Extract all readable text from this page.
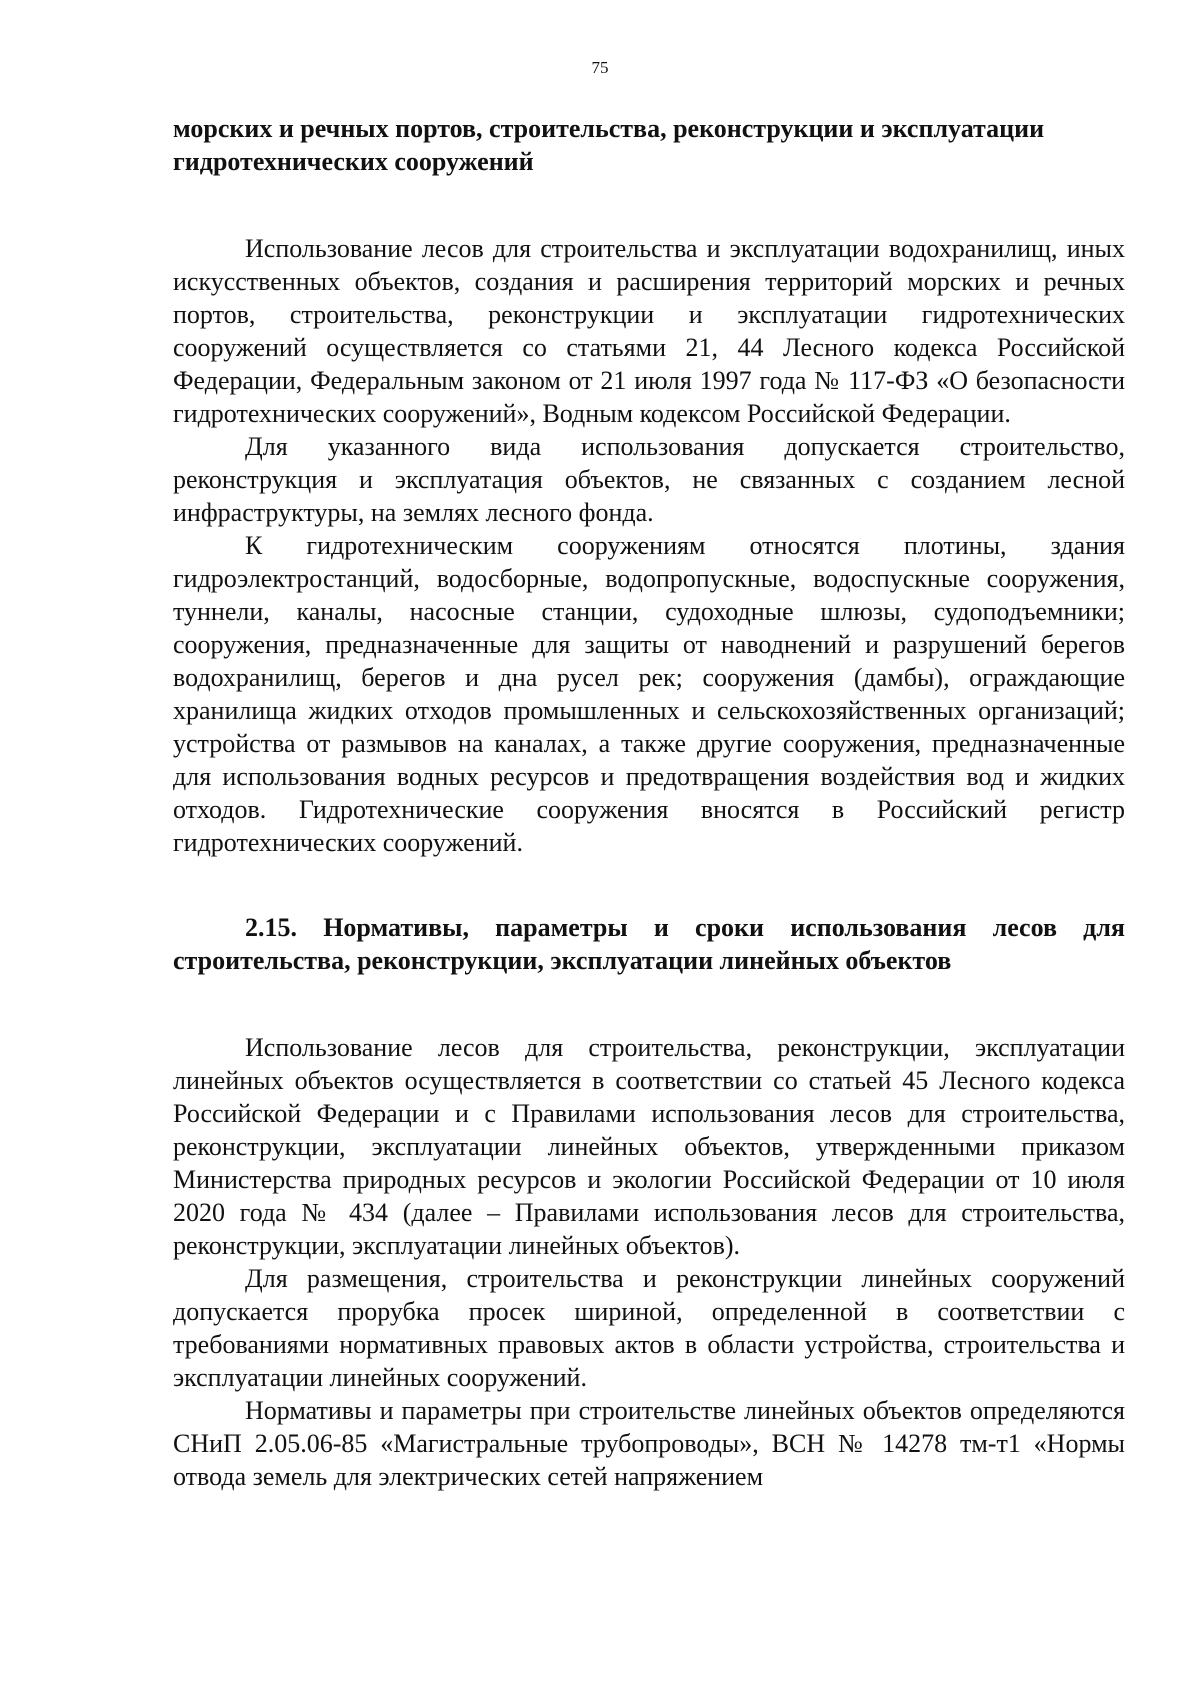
75

морских и речных портов, строительства, реконструкции и эксплуатации гидротехнических сооружений

Использование лесов для строительства и эксплуатации водохранилищ, иных искусственных объектов, создания и расширения территорий морских и речных портов, строительства, реконструкции и эксплуатации гидротехнических сооружений осуществляется со статьями 21, 44 Лесного кодекса Российской Федерации, Федеральным законом от 21 июля 1997 года № 117-ФЗ «О безопасности гидротехнических сооружений», Водным кодексом Российской Федерации.

Для указанного вида использования допускается строительство, реконструкция и эксплуатация объектов, не связанных с созданием лесной инфраструктуры, на землях лесного фонда.

К гидротехническим сооружениям относятся плотины, здания гидроэлектростанций, водосборные, водопропускные, водоспускные сооружения, туннели, каналы, насосные станции, судоходные шлюзы, судоподъемники; сооружения, предназначенные для защиты от наводнений и разрушений берегов водохранилищ, берегов и дна русел рек; сооружения (дамбы), ограждающие хранилища жидких отходов промышленных и сельскохозяйственных организаций; устройства от размывов на каналах, а также другие сооружения, предназначенные для использования водных ресурсов и предотвращения воздействия вод и жидких отходов. Гидротехнические сооружения вносятся в Российский регистр гидротехнических сооружений.

2.15. Нормативы, параметры и сроки использования лесов для строительства, реконструкции, эксплуатации линейных объектов

Использование лесов для строительства, реконструкции, эксплуатации линейных объектов осуществляется в соответствии со статьей 45 Лесного кодекса Российской Федерации и с Правилами использования лесов для строительства, реконструкции, эксплуатации линейных объектов, утвержденными приказом Министерства природных ресурсов и экологии Российской Федерации от 10 июля 2020 года № 434 (далее – Правилами использования лесов для строительства, реконструкции, эксплуатации линейных объектов).

Для размещения, строительства и реконструкции линейных сооружений допускается прорубка просек шириной, определенной в соответствии с требованиями нормативных правовых актов в области устройства, строительства и эксплуатации линейных сооружений.

Нормативы и параметры при строительстве линейных объектов определяются СНиП 2.05.06-85 «Магистральные трубопроводы», ВСН № 14278 тм-т1 «Нормы отвода земель для электрических сетей напряжением
